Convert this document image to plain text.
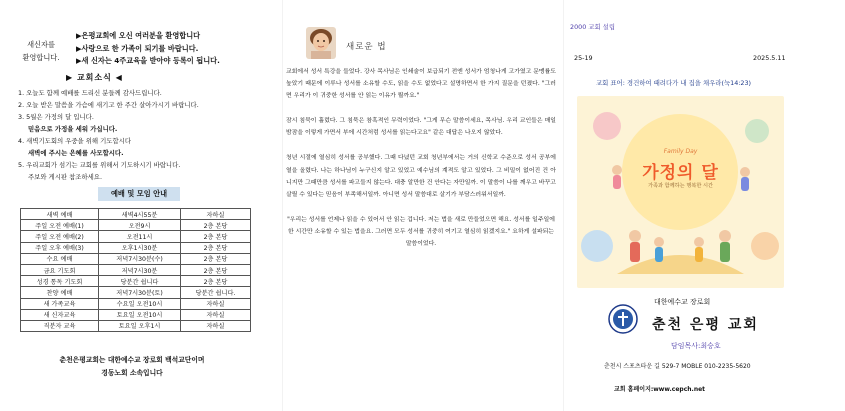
새신자를
환영합니다.
▶은평교회에 오신 여러분을 환영합니다
▶사랑으로 한 가족이 되기를 바랍니다.
▶새 신자는 4주교육을 받아야 등록이 됩니다.
▶ 교회소식 ◀
1. 오늘도 함께 예배를 드리신 분들께 감사드립니다.
2. 오늘 받은 말씀을 가슴에 새기고 한 주간 살아가시기 바랍니다.
3. 5월은 가정의 달 입니다.
믿음으로 가정을 세워 가십니다.
4. 새벽기도회의 우중을 위해 기도합시다
새벽에 주시는 은혜를 사모합시다.
5. 우리교회가 섬기는 교회를 위해서 기도하시기 바랍니다.
주보와 게시판 참조하세요.
예배 및 모임 안내
새벽 예배	새벽4시55분	자하실
주일 오전 예배(1)	오전9시	2층 본당
주일 오전 예배(2)	오전11시	2층 본당
주일 오후 예배(3)	오후1시30분	2층 본당
수요 예배	저녁7시30분(수)	2층 본당
금요 기도회	저녁7시30분	2층 본당
성경 통독 기도회	당분간 쉽니다	2층 본당
찬양 예배	저녁7시30분(토)	당분간 쉽니다.
새 가족교육	수요일 오전10시	자하실
새 신자교육	토요일 오전10시	자하실
직분자 교육	토요일 오후1시	자하실
춘천은평교회는 대한예수교 장로회 백석교단이며
경동노회 소속입니다
새로운 법

교회에서 성서 특강을 들었다. 강사 목사님은 인쇄술이 보급되기 전엔 성서가 엄청나게 고가였고 문맹률도 높았기 때문에 이루나 성서를 소유할 수도, 읽을 수도 없었다고 설명하면서 한 가지 질문을 던졌다. "그러면 우리가 이 귀중한 성서를 안 읽는 이유가 뭘까요."

잠시 침묵이 흘렀다. 그 침묵은 참혹적인 무력이었다. "그게 무슨 말씀이세요, 목사님. 우리 교인들은 매일 밤잠을 이렇게 가면서 부에 시간처럼 성서를 읽는다고요" 같은 대답은 나오지 않았다.

청년 시절에 열심히 성서를 공부했다. 그때 다녔던 교회 청년부에서는 거의 신학교 수준으로 성서 공부에 열을 올렸다. 나는 하나님이 누구신지 알고 있었고 예수님의 계적도 알고 있었다. 그 비밀이 없어진 건 아니지만 그때만큼 성서를 파고들지 않는다. 대충 알만한 건 안다는 자만일까. 이 말씀이 나를 깨우고 바꾸고 살릴 수 있다는 믿음이 부족해서일까. 아니면 성서 말씀대로 살기가 부담스러워서일까.

"우리는 성서를 언제나 읽을 수 있어서 안 읽는 겁니다. 저는 법을 새로 만들었으면 해요. 성서를 일주일에 한 시간만 소유할 수 있는 법을요. 그러면 모두 성서를 귀중히 여기고 열심히 읽겠지요." 요하게 설파되는 말씀이었다.

2000 교회 설립
25-19	2025.5.11
교회 표어: 경건하여 때려다가 내 집을 채우라(눅14:23)
Family Day
가정의 달
가족과 함께하는 행복한 시간
대한예수교 장로회
춘천 은평 교회
담임목사:최승호
춘천시 스포츠타운 길 529-7 MOBLE 010-2235-5620
교회 홈페이지:www.cepch.net
